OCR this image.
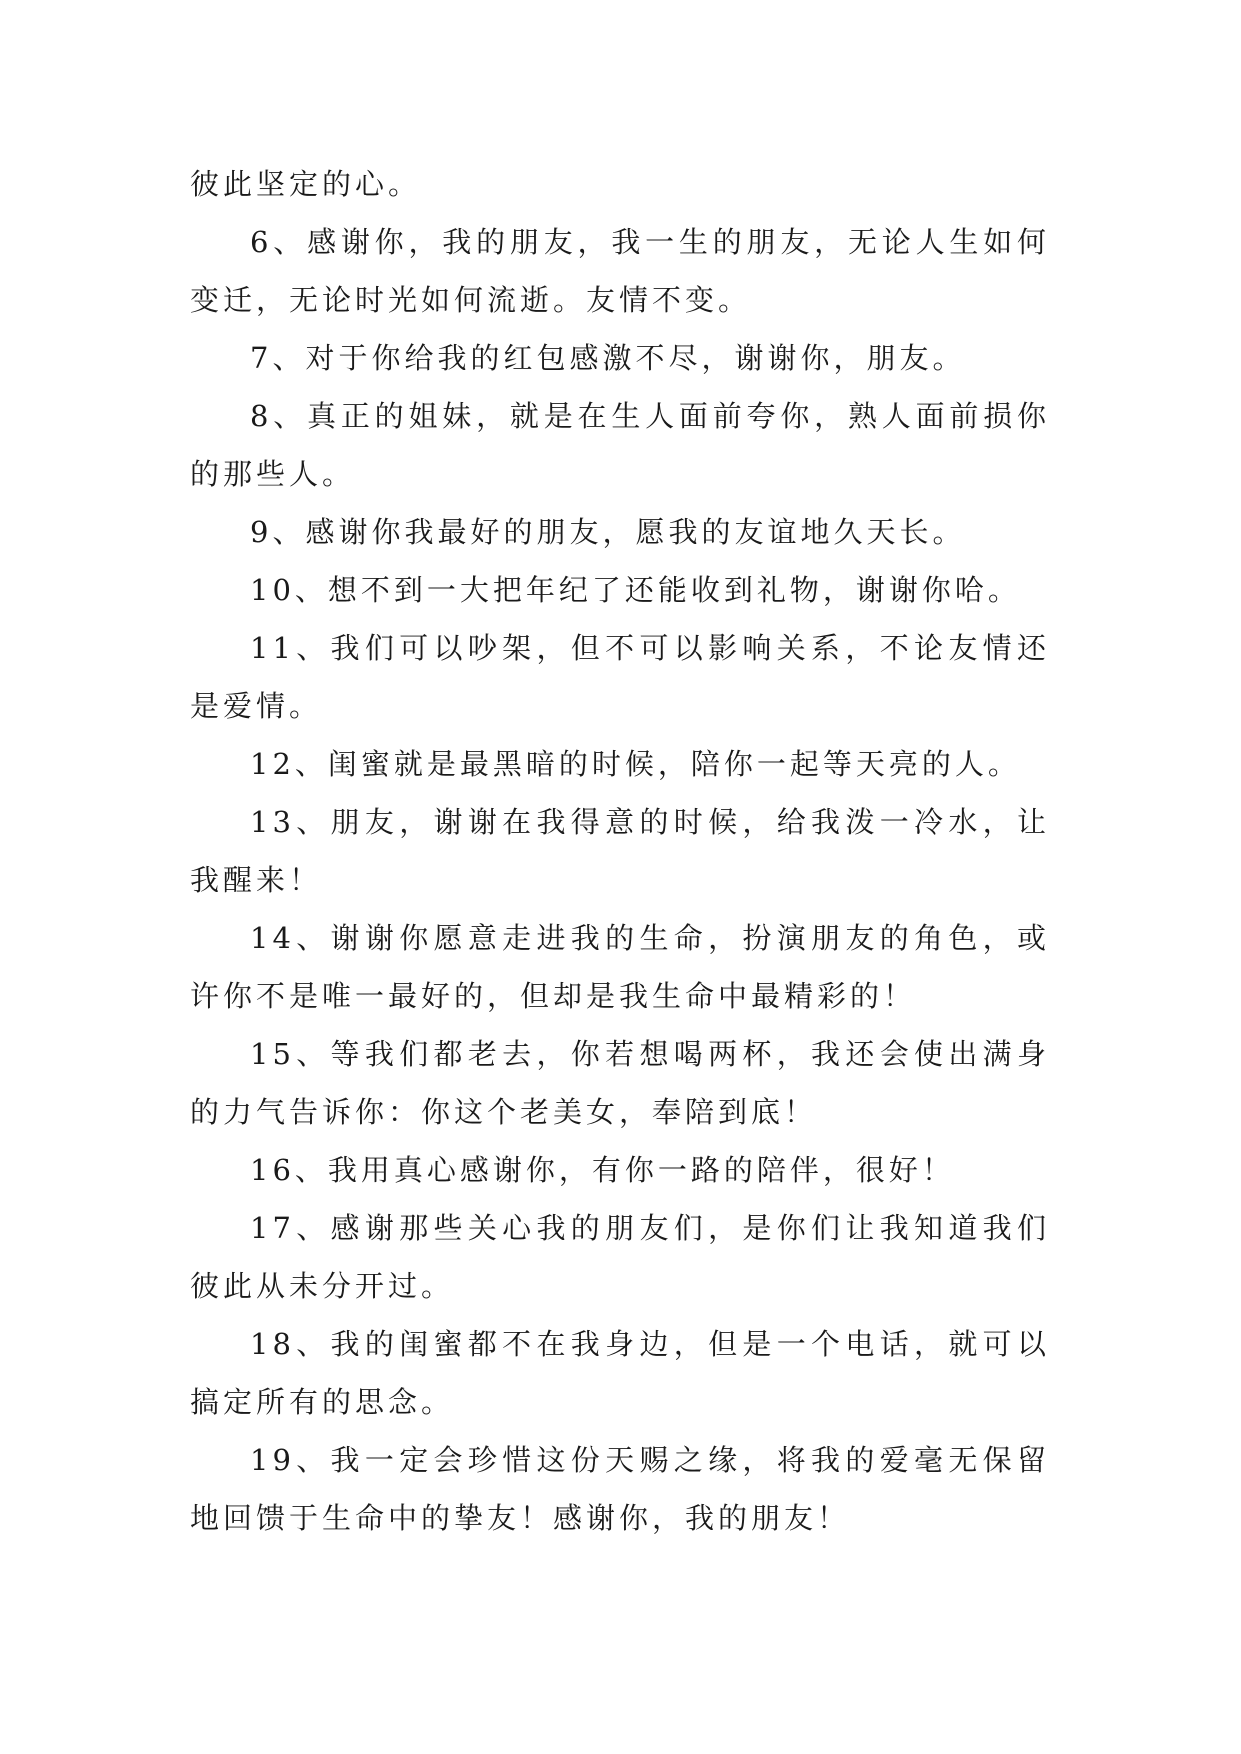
彼此坚定的心。

6、感谢你，我的朋友，我一生的朋友，无论人生如何变迁，无论时光如何流逝。友情不变。

7、对于你给我的红包感激不尽，谢谢你，朋友。

8、真正的姐妹，就是在生人面前夸你，熟人面前损你的那些人。

9、感谢你我最好的朋友，愿我的友谊地久天长。

10、想不到一大把年纪了还能收到礼物，谢谢你哈。

11、我们可以吵架，但不可以影响关系，不论友情还是爱情。

12、闺蜜就是最黑暗的时候，陪你一起等天亮的人。

13、朋友，谢谢在我得意的时候，给我泼一冷水，让我醒来！

14、谢谢你愿意走进我的生命，扮演朋友的角色，或许你不是唯一最好的，但却是我生命中最精彩的！

15、等我们都老去，你若想喝两杯，我还会使出满身的力气告诉你：你这个老美女，奉陪到底！

16、我用真心感谢你，有你一路的陪伴，很好！

17、感谢那些关心我的朋友们，是你们让我知道我们彼此从未分开过。

18、我的闺蜜都不在我身边，但是一个电话，就可以搞定所有的思念。

19、我一定会珍惜这份天赐之缘，将我的爱毫无保留地回馈于生命中的挚友！感谢你，我的朋友！
